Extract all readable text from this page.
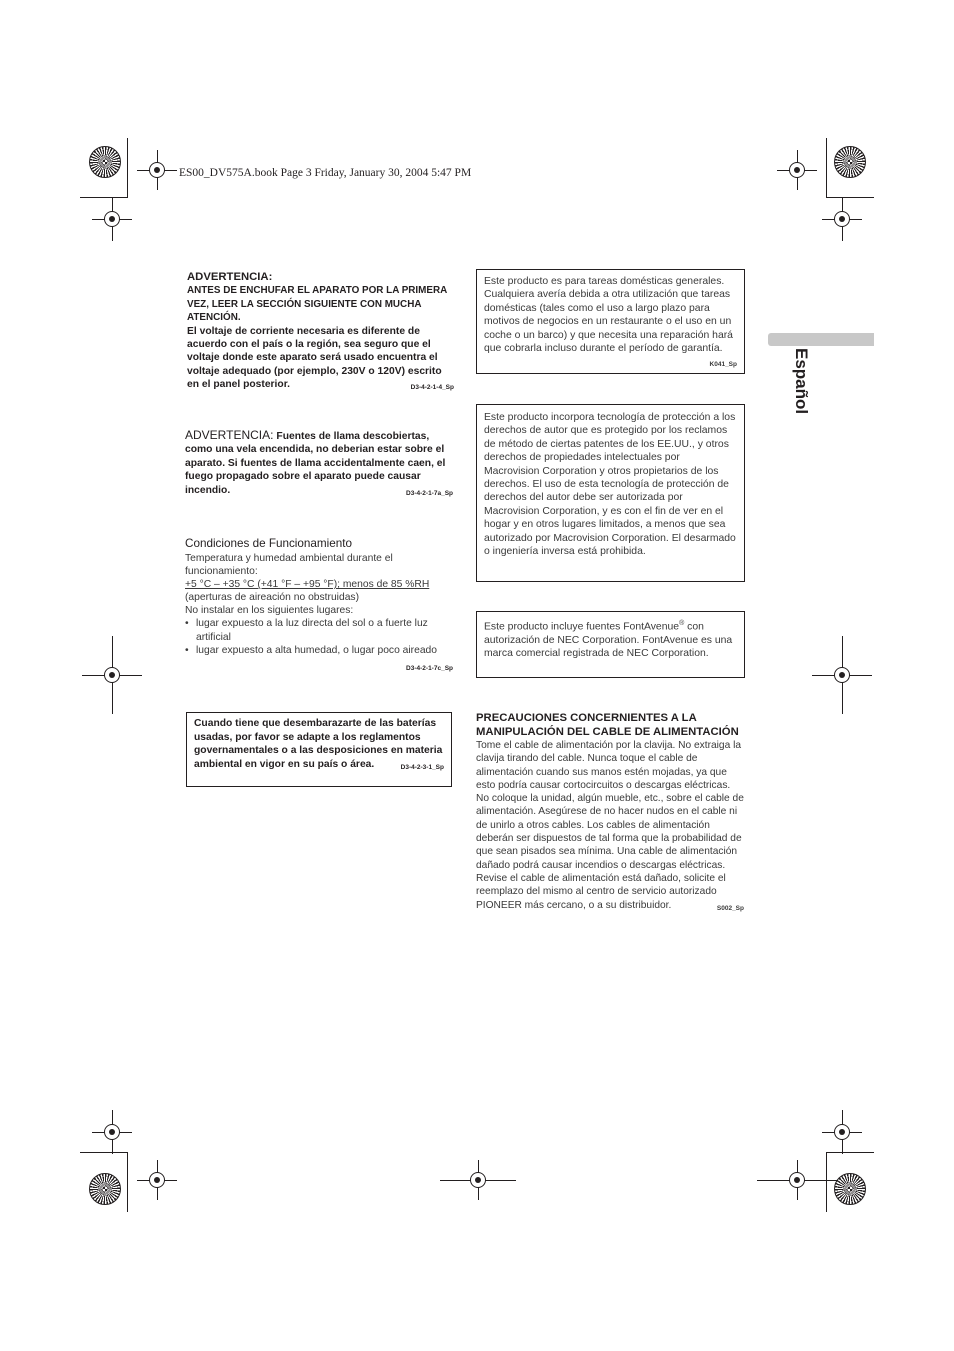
ES00_DV575A.book Page 3 Friday, January 30, 2004 5:47 PM
Español
ADVERTENCIA:
ANTES DE ENCHUFAR EL APARATO POR LA PRIMERA VEZ, LEER LA SECCIÓN SIGUIENTE CON MUCHA ATENCIÓN.
El voltaje de corriente necesaria es diferente de acuerdo con el país o la región, sea seguro que el voltaje donde este aparato será usado encuentra el voltaje adequado (por ejemplo, 230V o 120V) escrito en el panel posterior.	D3-4-2-1-4_Sp
ADVERTENCIA: Fuentes de llama descobiertas, como una vela encendida, no deberian estar sobre el aparato. Si fuentes de llama accidentalmente caen, el fuego propagado sobre el aparato puede causar incendio.	D3-4-2-1-7a_Sp
Condiciones de Funcionamiento
Temperatura y humedad ambiental durante el funcionamiento:
+5 °C – +35 °C (+41 °F – +95 °F); menos de 85 %RH
(aperturas de aireación no obstruidas)
No instalar en los siguientes lugares:
• lugar expuesto a la luz directa del sol o a fuerte luz artificial
• lugar expuesto a alta humedad, o lugar poco aireado
D3-4-2-1-7c_Sp
Cuando tiene que desembarazarte de las baterías usadas, por favor se adapte a los reglamentos governamentales o a las desposiciones en materia ambiental en vigor en su país o área.	D3-4-2-3-1_Sp
Este producto es para tareas domésticas generales. Cualquiera avería debida a otra utilización que tareas domésticas (tales como el uso a largo plazo para motivos de negocios en un restaurante o el uso en un coche o un barco) y que necesita una reparación hará que cobrarla incluso durante el período de garantía.
K041_Sp
Este producto incorpora tecnología de protección a los derechos de autor que es protegido por los reclamos de método de ciertas patentes de los EE.UU., y otros derechos de propiedades intelectuales por Macrovision Corporation y otros propietarios de los derechos. El uso de esta tecnología de protección de derechos del autor debe ser autorizada por Macrovision Corporation, y es con el fin de ver en el hogar y en otros lugares limitados, a menos que sea autorizado por Macrovision Corporation. El desarmado o ingeniería inversa está prohibida.
Este producto incluye fuentes FontAvenue® con autorización de NEC Corporation. FontAvenue es una marca comercial registrada de NEC Corporation.
PRECAUCIONES CONCERNIENTES A LA MANIPULACIÓN DEL CABLE DE ALIMENTACIÓN
Tome el cable de alimentación por la clavija. No extraiga la clavija tirando del cable. Nunca toque el cable de alimentación cuando sus manos estén mojadas, ya que esto podría causar cortocircuitos o descargas eléctricas. No coloque la unidad, algún mueble, etc., sobre el cable de alimentación. Asegúrese de no hacer nudos en el cable ni de unirlo a otros cables. Los cables de alimentación deberán ser dispuestos de tal forma que la probabilidad de que sean pisados sea mínima. Una cable de alimentación dañado podrá causar incendios o descargas eléctricas. Revise el cable de alimentación está dañado, solicite el reemplazo del mismo al centro de servicio autorizado PIONEER más cercano, o a su distribuidor.	S002_Sp
